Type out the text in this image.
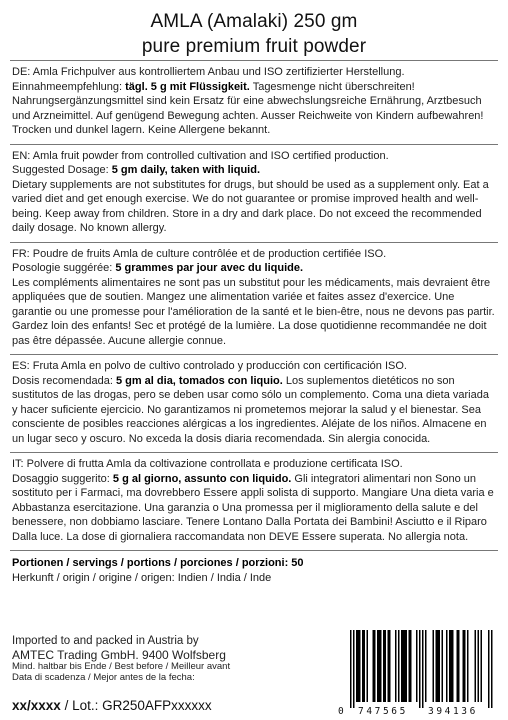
AMLA (Amalaki) 250 gm
pure premium fruit powder

DE: Amla Frichpulver aus kontrolliertem Anbau und ISO zertifizierter Herstellung.
Einnahmeempfehlung: tägl. 5 g mit Flüssigkeit. Tagesmenge nicht überschreiten!
Nahrungsergänzungsmittel sind kein Ersatz für eine abwechslungsreiche Ernährung, Arztbesuch und Arzneimittel. Auf genügend Bewegung achten. Ausser Reichweite von Kindern aufbewahren! Trocken und dunkel lagern. Keine Allergene bekannt.

EN: Amla fruit powder from controlled cultivation and ISO certified production.
Suggested Dosage: 5 gm daily, taken with liquid.
Dietary supplements are not substitutes for drugs, but should be used as a supplement only. Eat a varied diet and get enough exercise. We do not guarantee or promise improved health and well-being. Keep away from children. Store in a dry and dark place. Do not exceed the recommended daily dosage. No known allergy.

FR: Poudre de fruits Amla de culture contrôlée et de production certifiée ISO.
Posologie suggérée: 5 grammes par jour avec du liquide.
Les compléments alimentaires ne sont pas un substitut pour les médicaments, mais devraient être appliquées que de soutien. Mangez une alimentation variée et faites assez d'exercice. Une garantie ou une promesse pour l'amélioration de la santé et le bien-être, nous ne devons pas partir. Gardez loin des enfants! Sec et protégé de la lumière. La dose quotidienne recommandée ne doit pas être dépassée. Aucune allergie connue.

ES: Fruta Amla en polvo de cultivo controlado y producción con certificación ISO.
Dosis recomendada: 5 gm al dia, tomados con liquio. Los suplementos dietéticos no son sustitutos de las drogas, pero se deben usar como sólo un complemento. Coma una dieta variada y hacer suficiente ejercicio. No garantizamos ni prometemos mejorar la salud y el bienestar. Sea consciente de posibles reacciones alérgicas a los ingredientes. Aléjate de los niños. Almacene en un lugar seco y oscuro. No exceda la dosis diaria recomendada. Sin alergia conocida.

IT: Polvere di frutta Amla da coltivazione controllata e produzione certificata ISO.
Dosaggio suggerito: 5 g al giorno, assunto con liquido. Gli integratori alimentari non Sono un sostituto per i Farmaci, ma dovrebbero Essere appli solista di supporto. Mangiare Una dieta varia e Abbastanza esercitazione. Una garanzia o Una promessa per il miglioramento della salute e del benessere, non dobbiamo lasciare. Tenere Lontano Dalla Portata dei Bambini! Asciutto e il Riparo Dalla luce. La dose di giornaliera raccomandata non DEVE Essere superata. No allergia nota.

Portionen / servings / portions / porciones / porzioni: 50
Herkunft / origin / origine / origen: Indien / India / Inde
Imported to and packed in Austria by
AMTEC Trading GmbH. 9400 Wolfsberg
Mind. haltbar bis Ende / Best before / Meilleur avant
Data di scadenza / Mejor antes de la fecha:
xx/xxxx / Lot.: GR250AFPxxxxxx	0 747565 394136
